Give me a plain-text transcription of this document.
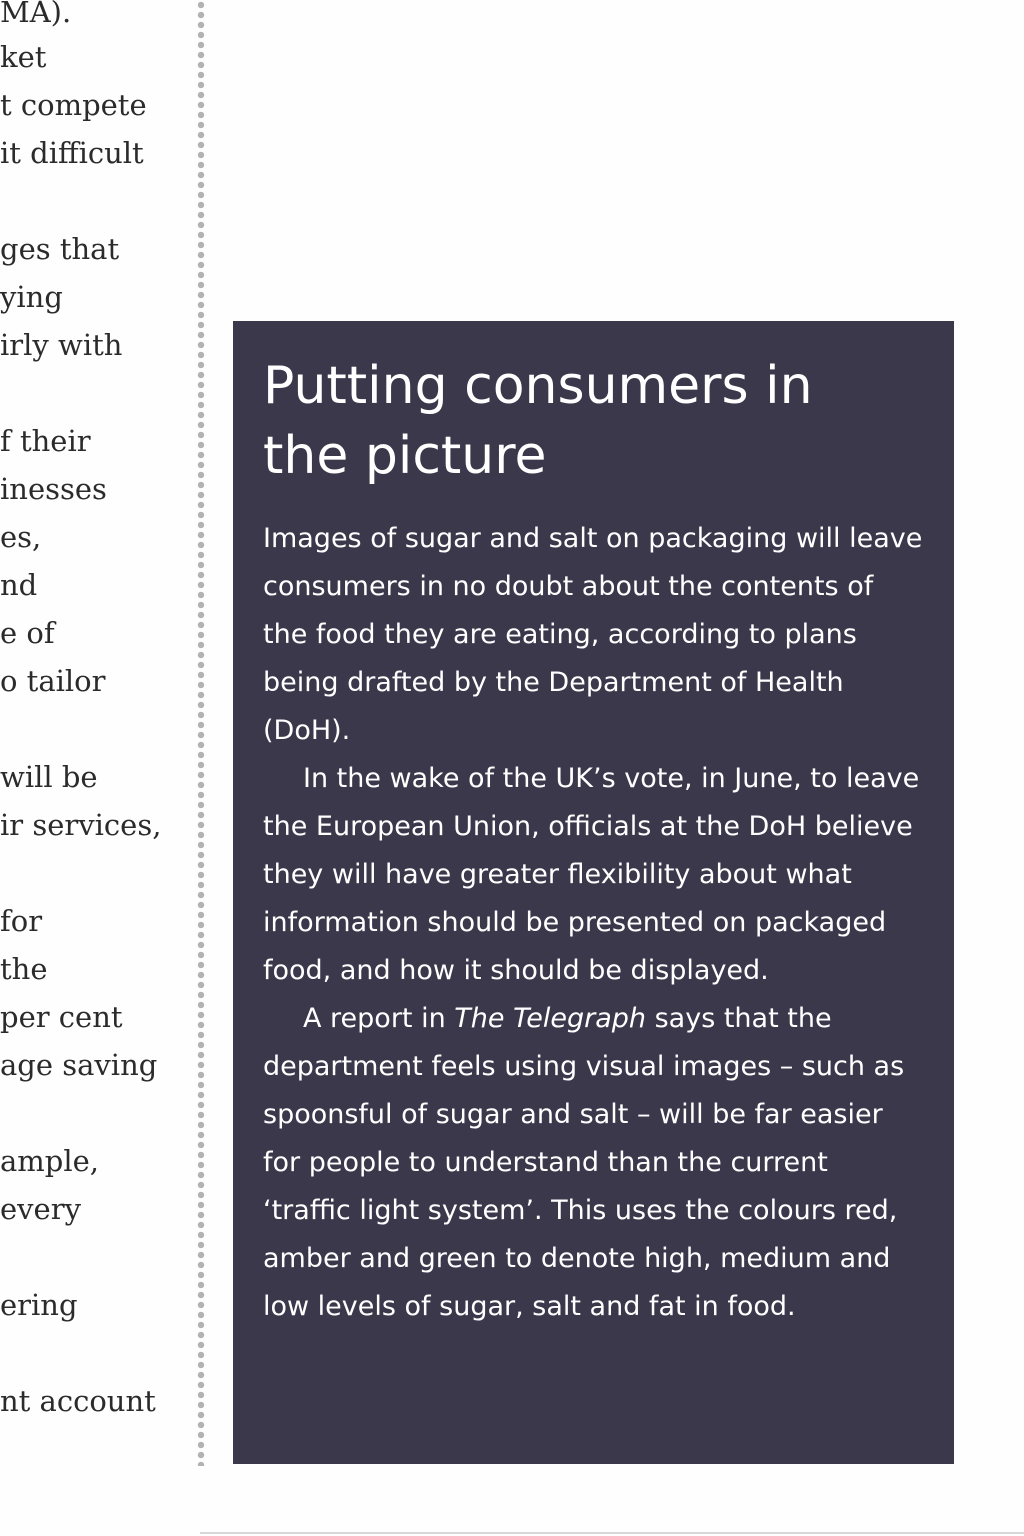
MA).
ket
t compete
it difficult
ges that
ying
irly with
f their
inesses
es,
nd
e of
o tailor
will be
ir services,
for
the
per cent
age saving
ample,
every
ering
nt account
Putting consumers in
the picture

Images of sugar and salt on packaging will leave consumers in no doubt about the contents of the food they are eating, according to plans being drafted by the Department of Health (DoH).

In the wake of the UK’s vote, in June, to leave the European Union, officials at the DoH believe they will have greater flexibility about what information should be presented on packaged food, and how it should be displayed.

A report in The Telegraph says that the department feels using visual images – such as spoonsful of sugar and salt – will be far easier for people to understand than the current ‘traffic light system’. This uses the colours red, amber and green to denote high, medium and low levels of sugar, salt and fat in food.
